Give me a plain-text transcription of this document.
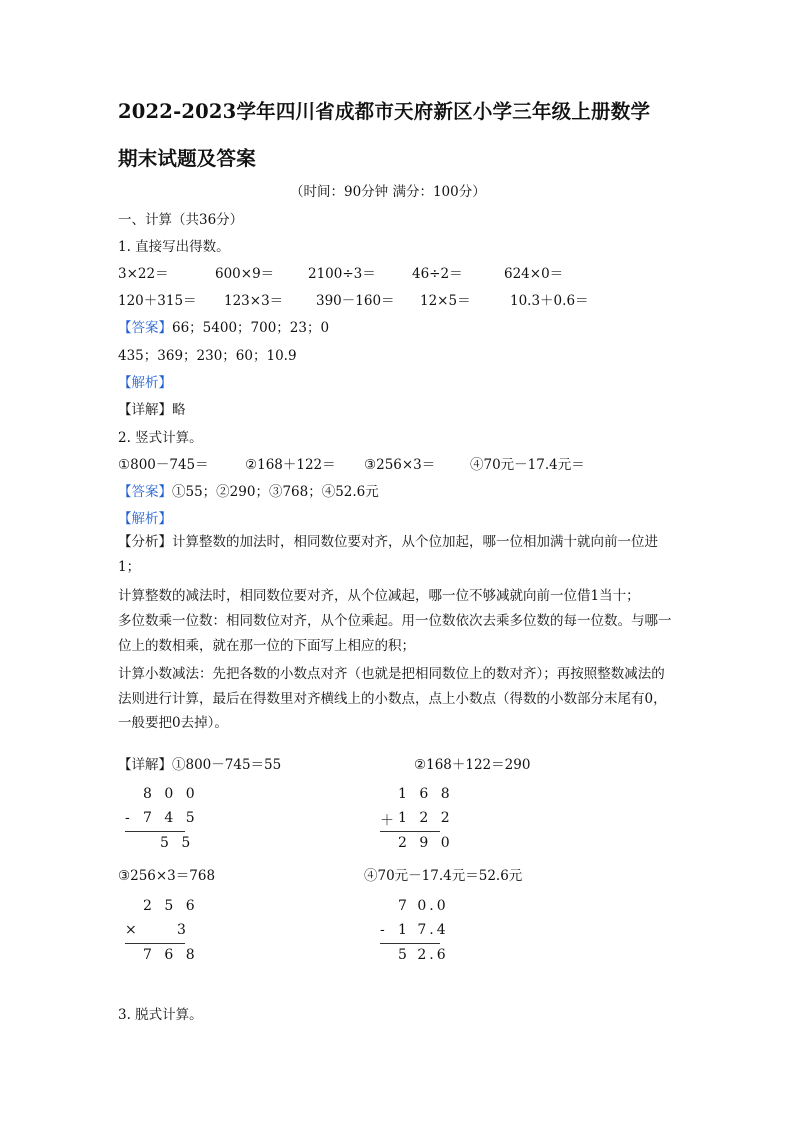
2022-2023学年四川省成都市天府新区小学三年级上册数学
期末试题及答案
（时间：90分钟 满分：100分）
一、计算（共36分）
1. 直接写出得数。
3×22＝	600×9＝	2100÷3＝	46÷2＝	624×0＝
120＋315＝ 123×3＝ 390－160＝ 12×5＝	10.3＋0.6＝
【答案】66；5400；700；23；0
435；369；230；60；10.9
【解析】
【详解】略
2. 竖式计算。
①800－745＝	②168＋122＝ ③256×3＝	④70元－17.4元＝
【答案】①55；②290；③768；④52.6元
【解析】
【分析】计算整数的加法时，相同数位要对齐，从个位加起，哪一位相加满十就向前一位进1；
计算整数的减法时，相同数位要对齐，从个位减起，哪一位不够减就向前一位借1当十；
多位数乘一位数：相同数位对齐，从个位乘起。用一位数依次去乘多位数的每一位数。与哪一位上的数相乘，就在那一位的下面写上相应的积；
计算小数减法：先把各数的小数点对齐（也就是把相同数位上的数对齐）；再按照整数减法的法则进行计算，最后在得数里对齐横线上的小数点，点上小数点（得数的小数部分末尾有0，一般要把0去掉）。
【详解】①800－745＝55	②168＋122＝290
8 0 0
- 7 4 5
5 5
1 6 8
＋ 1 2 2
2 9 0
③256×3＝768	④70元－17.4元＝52.6元
2 5 6
×	3
7 6 8
7 0.0
- 1 7.4
5 2.6
3. 脱式计算。
